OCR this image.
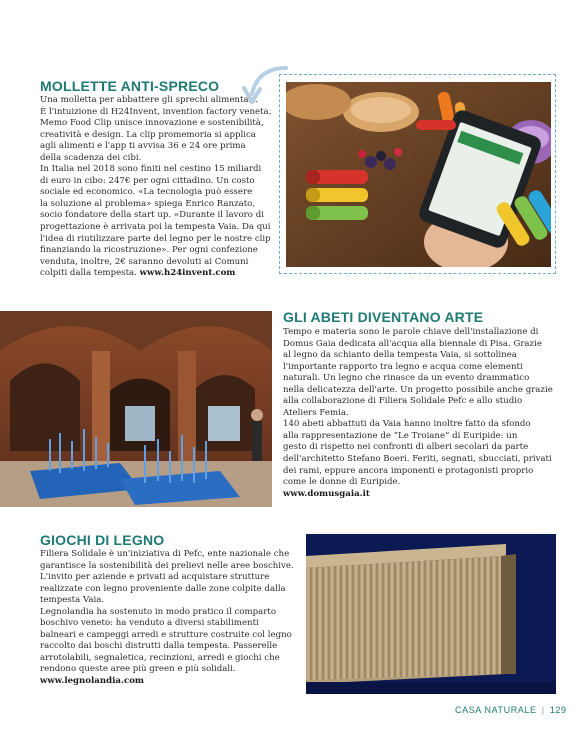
MOLLETTE ANTI-SPRECO

Una molletta per abbattere gli sprechi alimentari.

È l'intuizione di H24Invent, invention factory veneta.

Memo Food Clip unisce innovazione e sostenibilità,

creatività e design. La clip promemoria si applica

agli alimenti e l'app ti avvisa 36 e 24 ore prima

della scadenza dei cibi.

In Italia nel 2018 sono finiti nel cestino 15 miliardi

di euro in cibo: 247€ per ogni cittadino. Un costo

sociale ed economico. «La tecnologia può essere

la soluzione al problema» spiega Enrico Ranzato,

socio fondatore della start up. «Durante il lavoro di

progettazione è arrivata poi la tempesta Vaia. Da qui

l'idea di riutilizzare parte del legno per le nostre clip

finanziando la ricostruzione». Per ogni confezione

venduta, inoltre, 2€ saranno devoluti ai Comuni

colpiti dalla tempesta. www.h24invent.com

GLI ABETI DIVENTANO ARTE

Tempo e materia sono le parole chiave dell'installazione di

Domus Gaia dedicata all'acqua alla biennale di Pisa. Grazie

al legno da schianto della tempesta Vaia, si sottolinea

l'importante rapporto tra legno e acqua come elementi

naturali. Un legno che rinasce da un evento drammatico

nella delicatezza dell'arte. Un progetto possibile anche grazie

alla collaborazione di Filiera Solidale Pefc e allo studio

Ateliers Femia.

140 abeti abbattuti da Vaia hanno inoltre fatto da sfondo

alla rappresentazione de “Le Troiane” di Euripide: un

gesto di rispetto nei confronti di alberi secolari da parte

dell'architetto Stefano Boeri. Feriti, segnati, sbucciati, privati

dei rami, eppure ancora imponenti e protagonisti proprio

come le donne di Euripide.

www.domusgaia.it

GIOCHI DI LEGNO

Filiera Solidale è un'iniziativa di Pefc, ente nazionale che

garantisce la sostenibilità dei prelievi nelle aree boschive.

L'invito per aziende e privati ad acquistare strutture

realizzate con legno proveniente dalle zone colpite dalla

tempesta Vaia.

Legnolandia ha sostenuto in modo pratico il comparto

boschivo veneto: ha venduto a diversi stabilimenti

balneari e campeggi arredi e strutture costruite col legno

raccolto dai boschi distrutti dalla tempesta. Passerelle

arrotolabili, segnaletica, recinzioni, arredi e giochi che

rendono queste aree più green e più solidali.

www.legnolandia.com

CASA NATURALE | 129
